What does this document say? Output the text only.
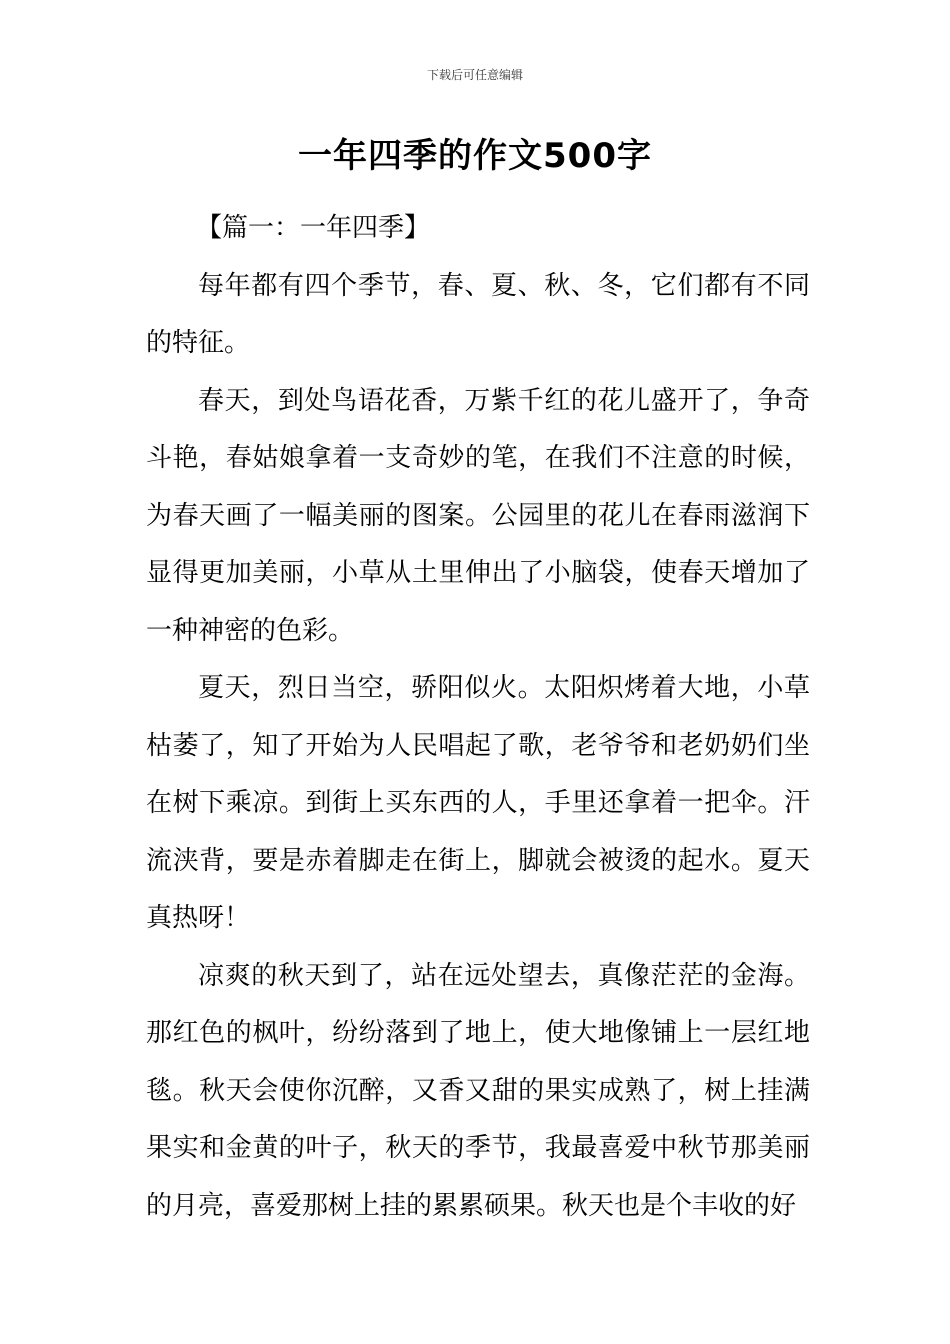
下载后可任意编辑
一年四季的作文500字

【篇一：一年四季】

每年都有四个季节，春、夏、秋、冬，它们都有不同的特征。

春天，到处鸟语花香，万紫千红的花儿盛开了，争奇斗艳，春姑娘拿着一支奇妙的笔，在我们不注意的时候，为春天画了一幅美丽的图案。公园里的花儿在春雨滋润下显得更加美丽，小草从土里伸出了小脑袋，使春天增加了一种神密的色彩。

夏天，烈日当空，骄阳似火。太阳炽烤着大地，小草枯萎了，知了开始为人民唱起了歌，老爷爷和老奶奶们坐在树下乘凉。到街上买东西的人，手里还拿着一把伞。汗流浃背，要是赤着脚走在街上，脚就会被烫的起水。夏天真热呀！

凉爽的秋天到了，站在远处望去，真像茫茫的金海。那红色的枫叶，纷纷落到了地上，使大地像铺上一层红地毯。秋天会使你沉醉，又香又甜的果实成熟了，树上挂满果实和金黄的叶子，秋天的季节，我最喜爱中秋节那美丽的月亮，喜爱那树上挂的累累硕果。秋天也是个丰收的好
